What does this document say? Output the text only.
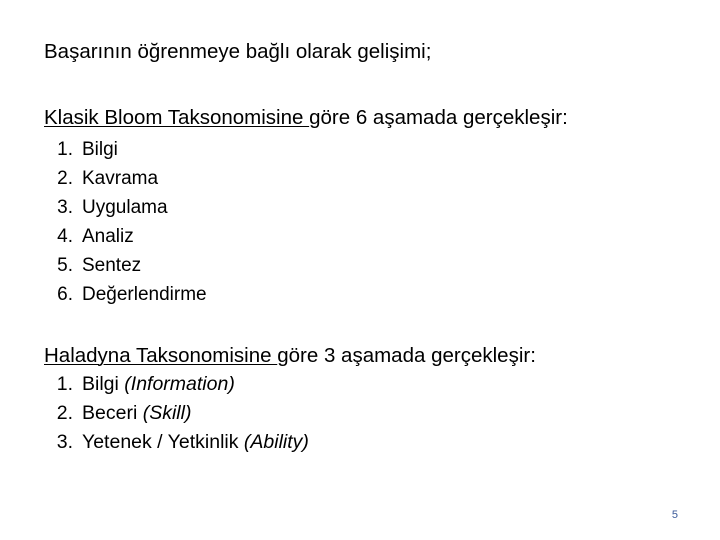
Başarının öğrenmeye bağlı olarak gelişimi;
Klasik Bloom Taksonomisine göre 6 aşamada gerçekleşir:
1. Bilgi
2. Kavrama
3. Uygulama
4. Analiz
5. Sentez
6. Değerlendirme
Haladyna Taksonomisine göre 3 aşamada gerçekleşir:
1. Bilgi (Information)
2. Beceri (Skill)
3. Yetenek / Yetkinlik (Ability)
5
